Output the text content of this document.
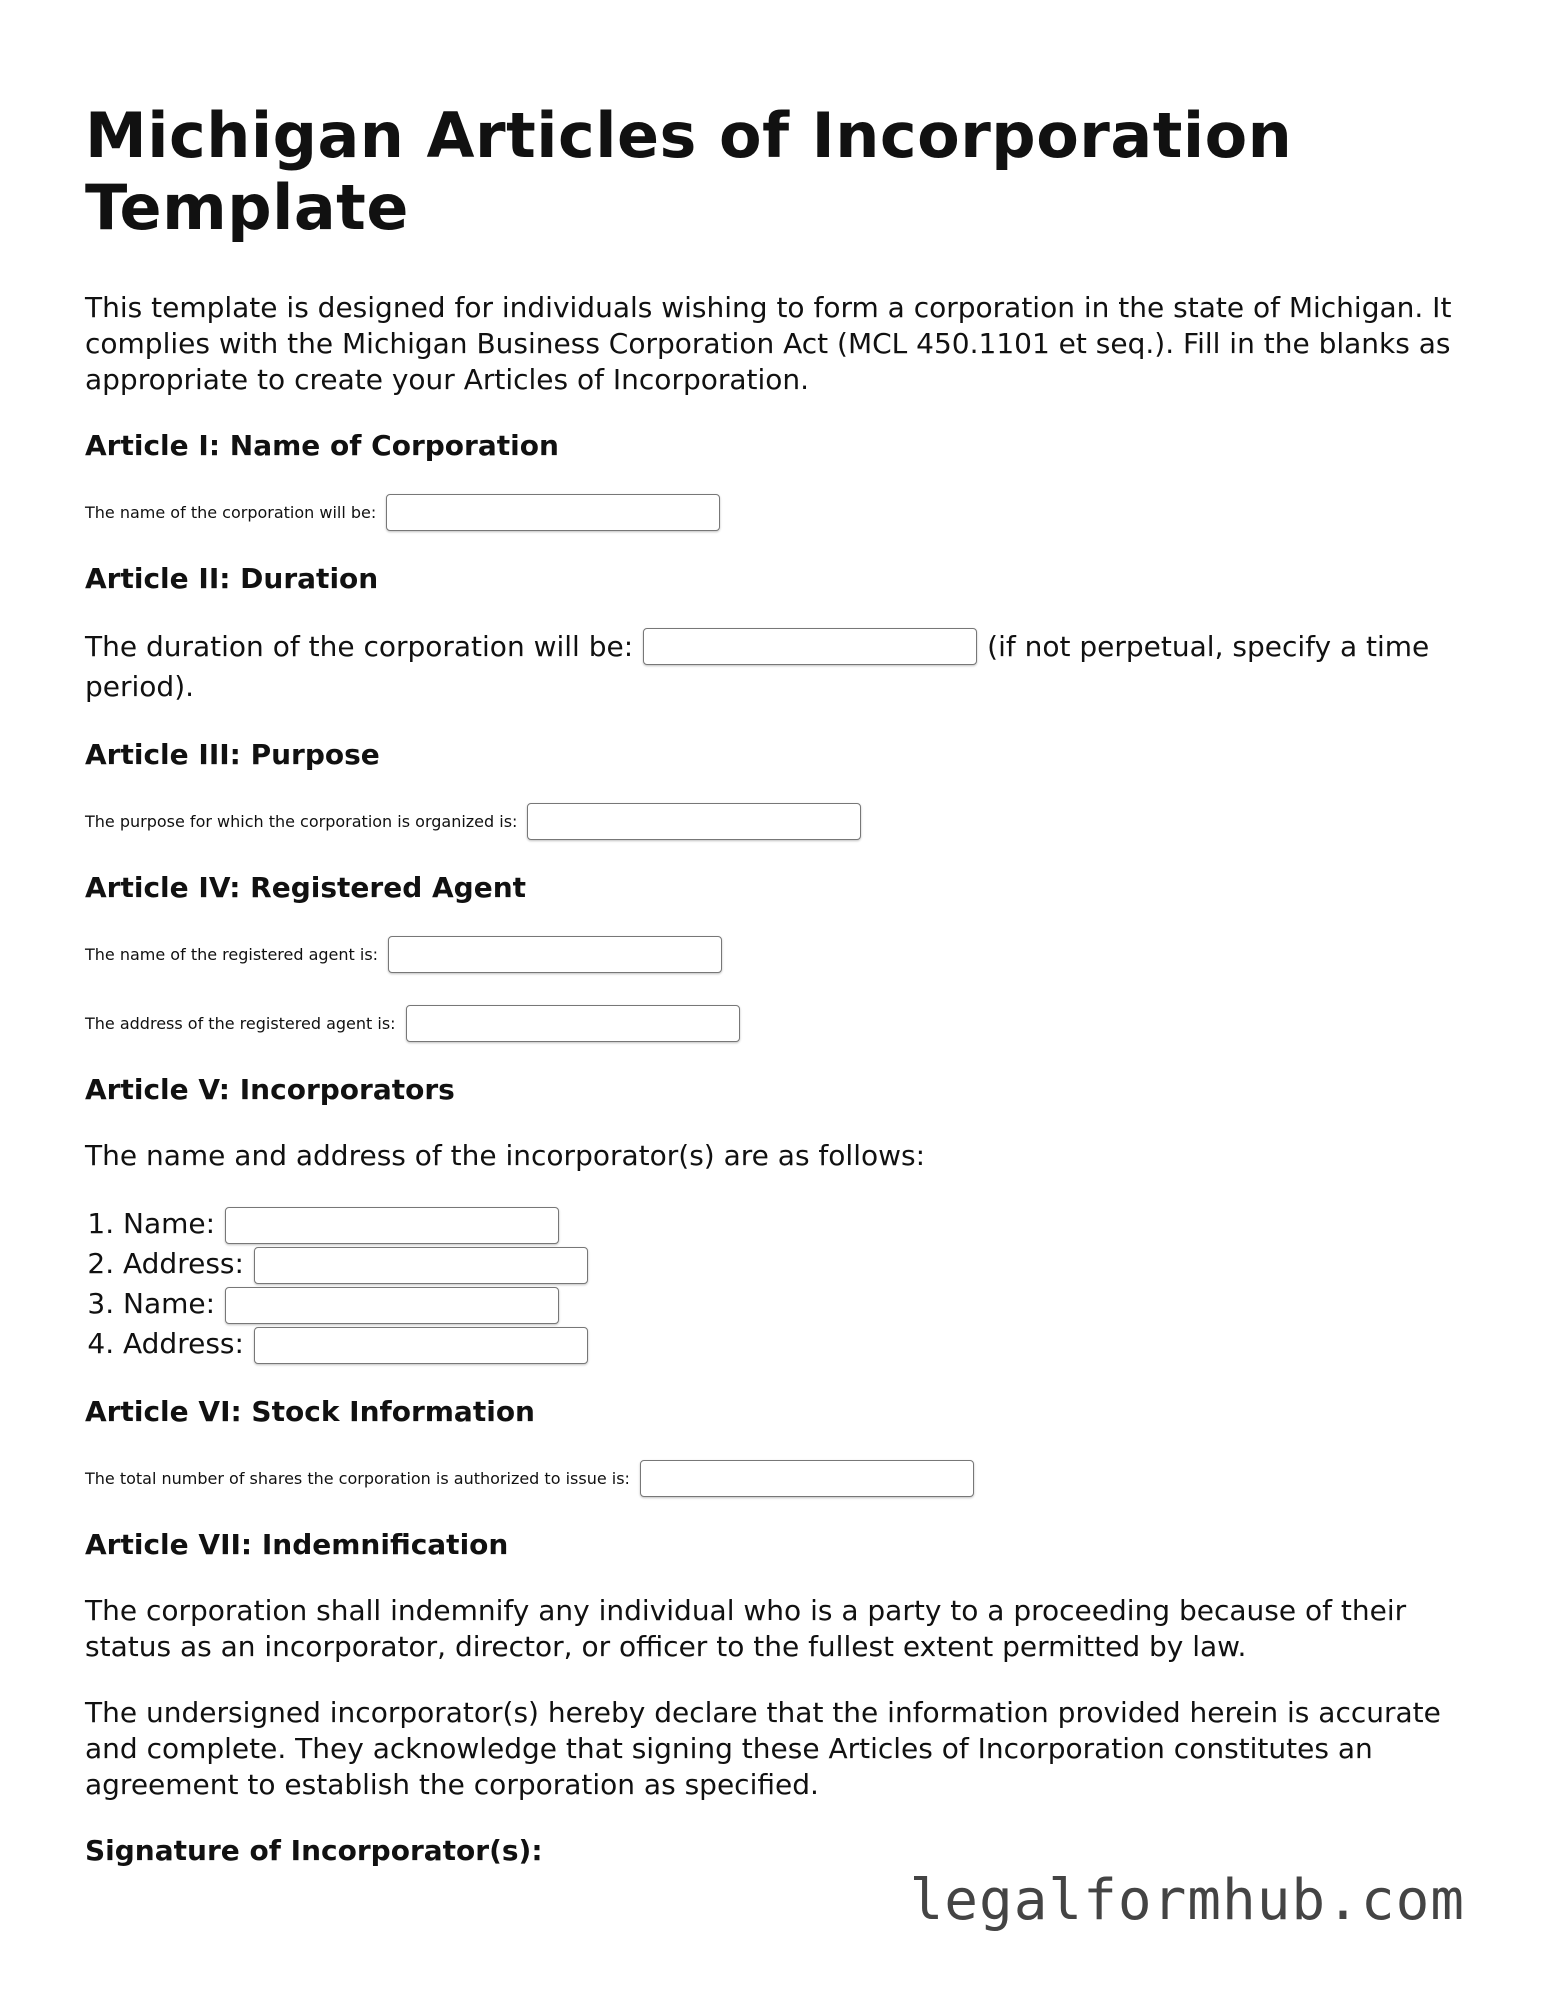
Michigan Articles of Incorporation Template

This template is designed for individuals wishing to form a corporation in the state of Michigan. It complies with the Michigan Business Corporation Act (MCL 450.1101 et seq.). Fill in the blanks as appropriate to create your Articles of Incorporation.

Article I: Name of Corporation
The name of the corporation will be:
Article II: Duration

The duration of the corporation will be:	(if not perpetual, specify a time period).

Article III: Purpose
The purpose for which the corporation is organized is:
Article IV: Registered Agent
The name of the registered agent is:
The address of the registered agent is:
Article V: Incorporators

The name and address of the incorporator(s) are as follows:

1. Name:
2. Address:
3. Name:
4. Address:
Article VI: Stock Information
The total number of shares the corporation is authorized to issue is:
Article VII: Indemnification

The corporation shall indemnify any individual who is a party to a proceeding because of their status as an incorporator, director, or officer to the fullest extent permitted by law.

The undersigned incorporator(s) hereby declare that the information provided herein is accurate and complete. They acknowledge that signing these Articles of Incorporation constitutes an agreement to establish the corporation as specified.

Signature of Incorporator(s):
legalformhub.com
